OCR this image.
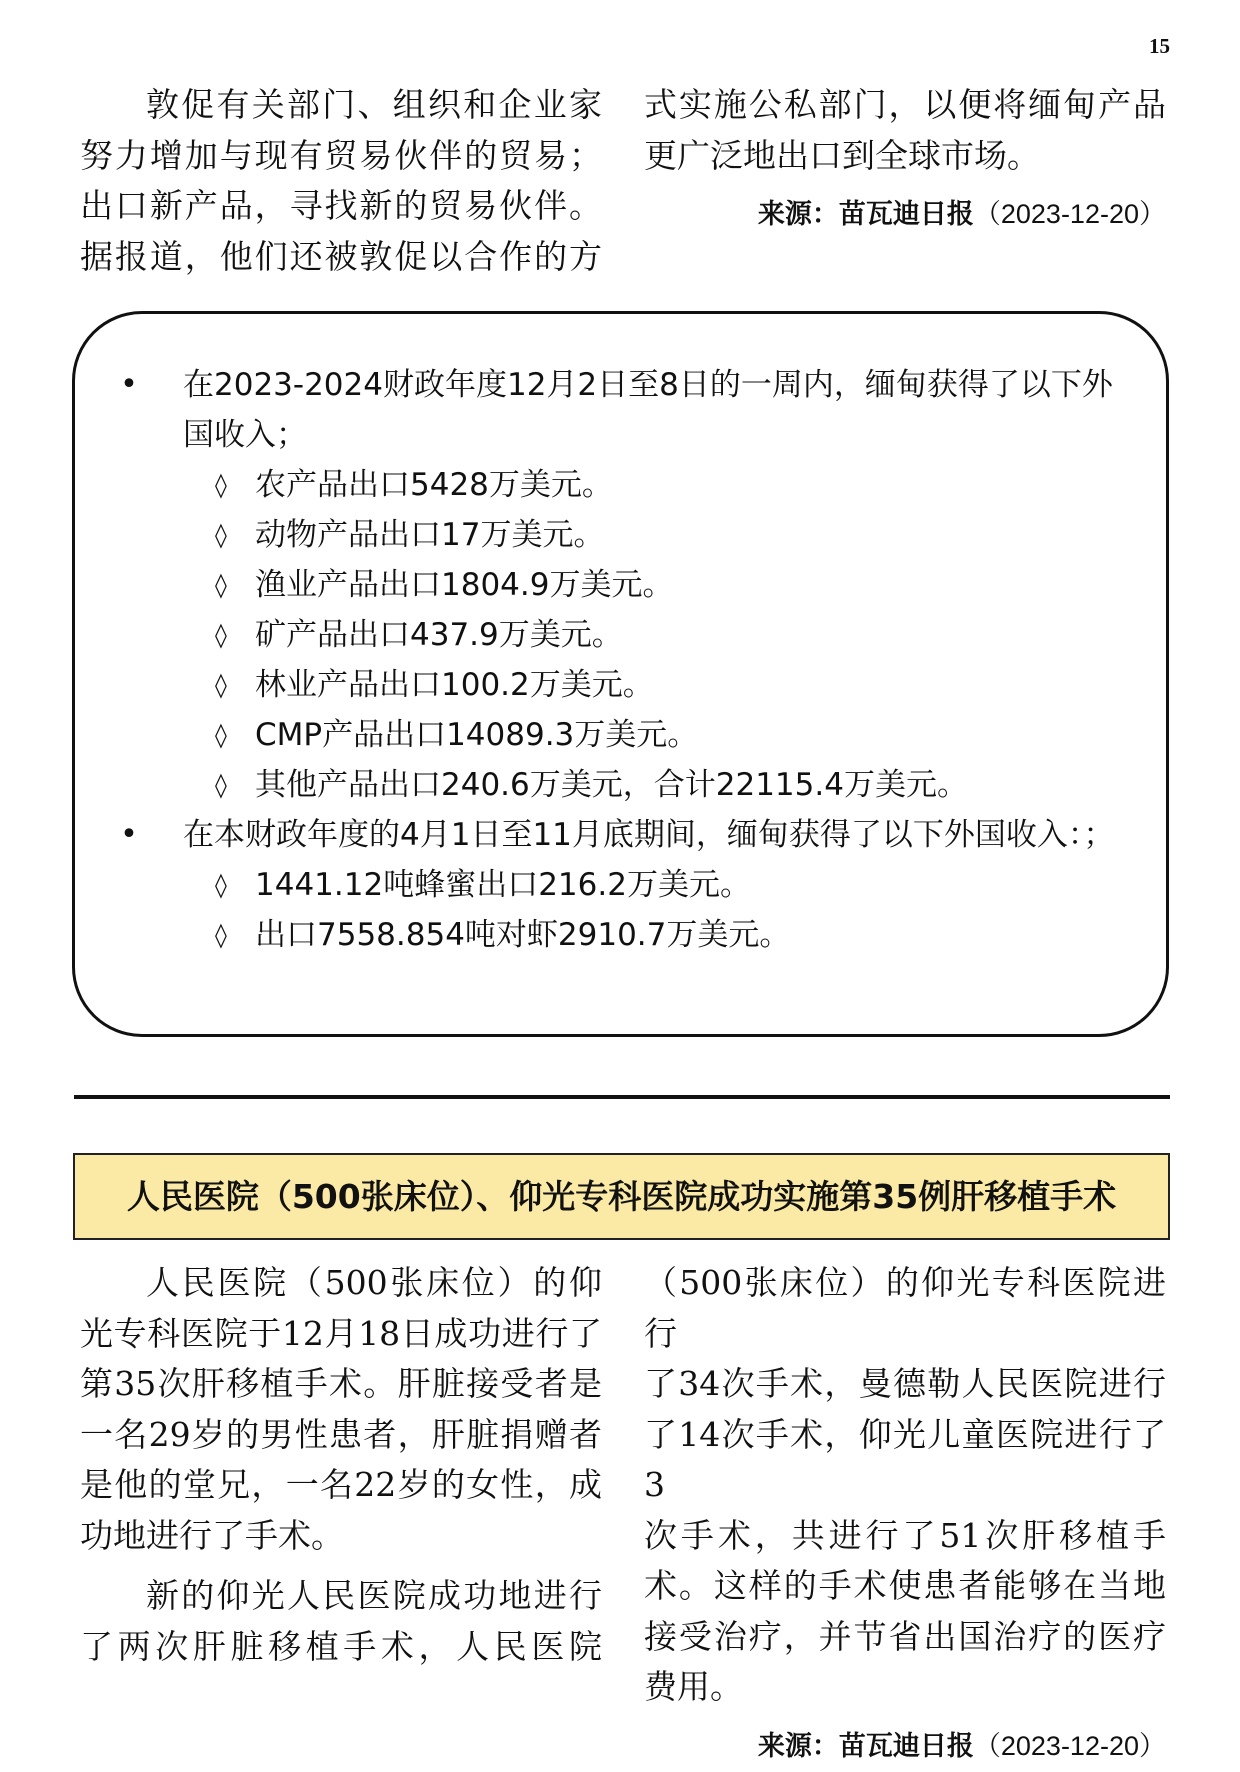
15

敦促有关部门、组织和企业家

努力增加与现有贸易伙伴的贸易；

出口新产品，寻找新的贸易伙伴。

据报道，他们还被敦促以合作的方

式实施公私部门，以便将缅甸产品

更广泛地出口到全球市场。

来源：苗瓦迪日报（2023-12-20）
• 在2023-2024财政年度12月2日至8日的一周内，缅甸获得了以下外国收入；
◊ 农产品出口5428万美元。
◊ 动物产品出口17万美元。
◊ 渔业产品出口1804.9万美元。
◊ 矿产品出口437.9万美元。
◊ 林业产品出口100.2万美元。
◊ CMP产品出口14089.3万美元。
◊ 其他产品出口240.6万美元，合计22115.4万美元。
• 在本财政年度的4月1日至11月底期间，缅甸获得了以下外国收入：；
◊ 1441.12吨蜂蜜出口216.2万美元。
◊ 出口7558.854吨对虾2910.7万美元。
人民医院（500张床位）、仰光专科医院成功实施第35例肝移植手术

人民医院（500张床位）的仰

光专科医院于12月18日成功进行了

第35次肝移植手术。肝脏接受者是

一名29岁的男性患者，肝脏捐赠者

是他的堂兄，一名22岁的女性，成

功地进行了手术。

新的仰光人民医院成功地进行

了两次肝脏移植手术，人民医院

（500张床位）的仰光专科医院进行

了34次手术，曼德勒人民医院进行

了14次手术，仰光儿童医院进行了3

次手术，共进行了51次肝移植手

术。这样的手术使患者能够在当地

接受治疗，并节省出国治疗的医疗

费用。

来源：苗瓦迪日报（2023-12-20）
